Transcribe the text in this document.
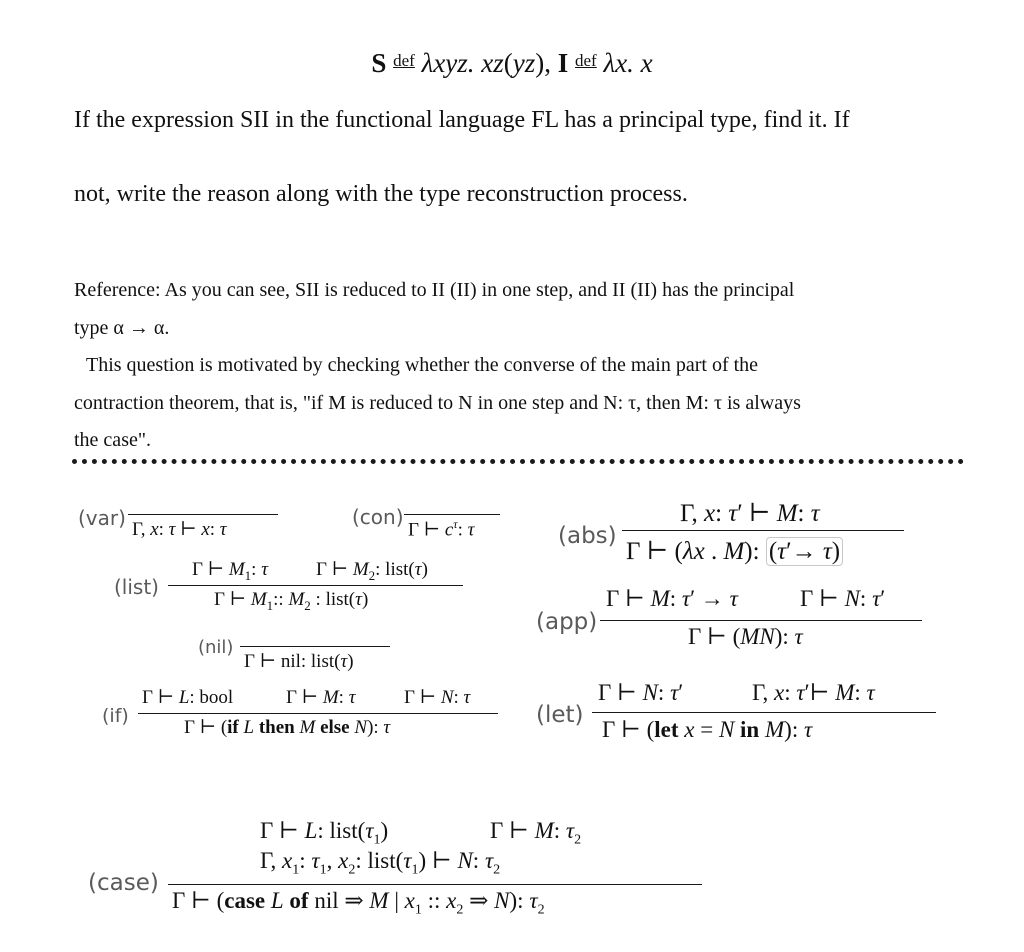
S $^{def}$ λxyz. xz(yz), I $^{def}$ λx. x
If the expression SII in the functional language FL has a principal type, find it. If
not, write the reason along with the type reconstruction process.
Reference: As you can see, SII is reduced to II (II) in one step, and II (II) has the principal
type α → α.
This question is motivated by checking whether the converse of the main part of the
contraction theorem, that is, "if M is reduced to N in one step and N: τ, then M: τ is always
the case".
(var) Γ, x: τ ⊢ x: τ
(con)
Γ ⊢ $c^\tau$: τ	(abs)
Γ, x: τ′ ⊢ M: τ
Γ ⊢ (λx . M): (τ′→ τ)
(list)
Γ ⊢ $M_1$: τ	Γ ⊢ $M_2$: list(τ)
Γ ⊢ $M_1$:: $M_2$ : list(τ)
(app)
Γ ⊢ M: τ′ → τ	Γ ⊢ N: τ′
Γ ⊢ (MN): τ
(nil)
Γ ⊢ nil: list(τ)
(if)
Γ ⊢ L: bool	Γ ⊢ M: τ	Γ ⊢ N: τ
Γ ⊢ (if L then M else N): τ	(let)
Γ ⊢ N: τ′	Γ, x: τ′⊢ M: τ
Γ ⊢ (let x = N in M): τ
(case)
Γ ⊢ L: $list(\tau_1)$	Γ ⊢ M: $\tau_2$
Γ, $x_1$: $\tau_1$, $x_2$: $list(\tau_1)$ ⊢ N: $\tau_2$
Γ ⊢ (case L of nil ⇒ M | $x_1$ :: $x_2$ ⇒ N): $\tau_2$
